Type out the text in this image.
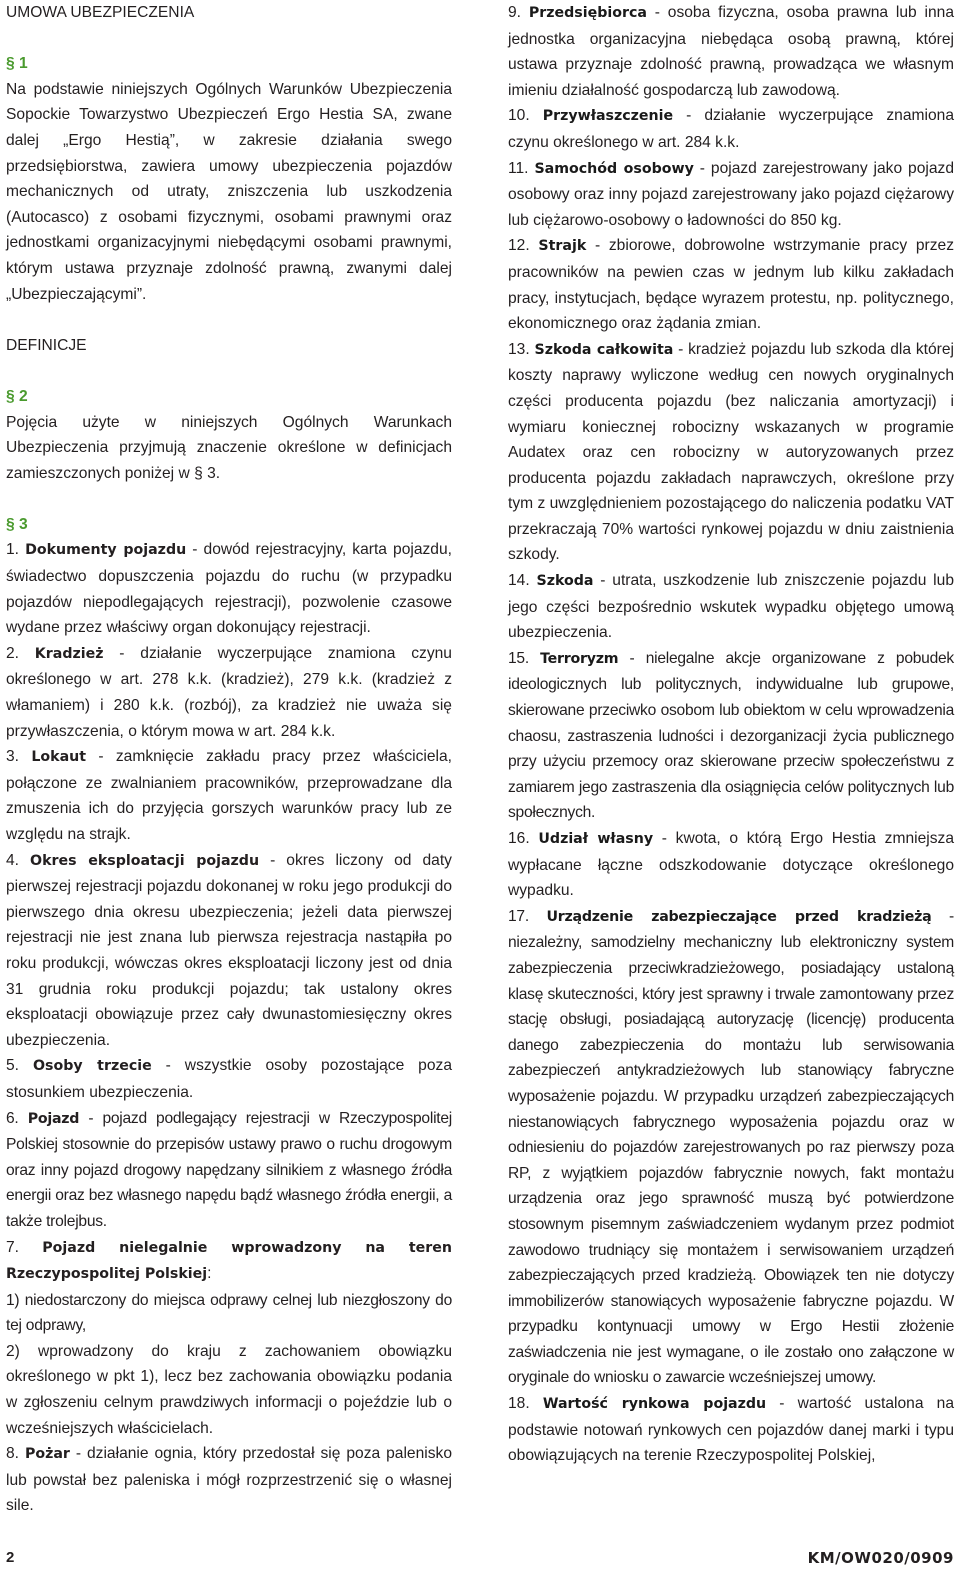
UMOWA UBEZPIECZENIA
§ 1

Na podstawie niniejszych Ogólnych Warunków Ubezpieczenia Sopockie Towarzystwo Ubezpieczeń Ergo Hestia SA, zwane dalej „Ergo Hestią”, w zakresie działania swego przedsiębiorstwa, zawiera umowy ubezpieczenia pojazdów mechanicznych od utraty, zniszczenia lub uszkodzenia (Autocasco) z osobami fizycznymi, osobami prawnymi oraz jednostkami organizacyjnymi niebędącymi osobami prawnymi, którym ustawa przyznaje zdolność prawną, zwanymi dalej „Ubezpieczającymi”.

DEFINICJE
§ 2

Pojęcia użyte w niniejszych Ogólnych Warunkach Ubezpieczenia przyjmują znaczenie określone w definicjach zamieszczonych poniżej w § 3.

§ 3

1. Dokumenty pojazdu - dowód rejestracyjny, karta pojazdu, świadectwo dopuszczenia pojazdu do ruchu (w przypadku pojazdów niepodlegających rejestracji), pozwolenie czasowe wydane przez właściwy organ dokonujący rejestracji.

2. Kradzież - działanie wyczerpujące znamiona czynu określonego w art. 278 k.k. (kradzież), 279 k.k. (kradzież z włamaniem) i 280 k.k. (rozbój), za kradzież nie uważa się przywłaszczenia, o którym mowa w art. 284 k.k.

3. Lokaut - zamknięcie zakładu pracy przez właściciela, połączone ze zwalnianiem pracowników, przeprowadzane dla zmuszenia ich do przyjęcia gorszych warunków pracy lub ze względu na strajk.

4. Okres eksploatacji pojazdu - okres liczony od daty pierwszej rejestracji pojazdu dokonanej w roku jego produkcji do pierwszego dnia okresu ubezpieczenia; jeżeli data pierwszej rejestracji nie jest znana lub pierwsza rejestracja nastąpiła po roku produkcji, wówczas okres eksploatacji liczony jest od dnia 31 grudnia roku produkcji pojazdu; tak ustalony okres eksploatacji obowiązuje przez cały dwunastomiesięczny okres ubezpieczenia.

5. Osoby trzecie - wszystkie osoby pozostające poza stosunkiem ubezpieczenia.

6. Pojazd - pojazd podlegający rejestracji w Rzeczypospolitej Polskiej stosownie do przepisów ustawy prawo o ruchu drogowym oraz inny pojazd drogowy napędzany silnikiem z własnego źródła energii oraz bez własnego napędu bądź własnego źródła energii, a także trolejbus.

7. Pojazd nielegalnie wprowadzony na teren Rzeczypospolitej Polskiej:

1) niedostarczony do miejsca odprawy celnej lub niezgłoszony do tej odprawy,

2) wprowadzony do kraju z zachowaniem obowiązku określonego w pkt 1), lecz bez zachowania obowiązku podania w zgłoszeniu celnym prawdziwych informacji o pojeździe lub o wcześniejszych właścicielach.

8. Pożar - działanie ognia, który przedostał się poza palenisko lub powstał bez paleniska i mógł rozprzestrzenić się o własnej sile.

9. Przedsiębiorca - osoba fizyczna, osoba prawna lub inna jednostka organizacyjna niebędąca osobą prawną, której ustawa przyznaje zdolność prawną, prowadząca we własnym imieniu działalność gospodarczą lub zawodową.

10. Przywłaszczenie - działanie wyczerpujące znamiona czynu określonego w art. 284 k.k.

11. Samochód osobowy - pojazd zarejestrowany jako pojazd osobowy oraz inny pojazd zarejestrowany jako pojazd ciężarowy lub ciężarowo-osobowy o ładowności do 850 kg.

12. Strajk - zbiorowe, dobrowolne wstrzymanie pracy przez pracowników na pewien czas w jednym lub kilku zakładach pracy, instytucjach, będące wyrazem protestu, np. politycznego, ekonomicznego oraz żądania zmian.

13. Szkoda całkowita - kradzież pojazdu lub szkoda dla której koszty naprawy wyliczone według cen nowych oryginalnych części producenta pojazdu (bez naliczania amortyzacji) i wymiaru koniecznej robocizny wskazanych w programie Audatex oraz cen robocizny w autoryzowanych przez producenta pojazdu zakładach naprawczych, określone przy tym z uwzględnieniem pozostającego do naliczenia podatku VAT przekraczają 70% wartości rynkowej pojazdu w dniu zaistnienia szkody.

14. Szkoda - utrata, uszkodzenie lub zniszczenie pojazdu lub jego części bezpośrednio wskutek wypadku objętego umową ubezpieczenia.

15. Terroryzm - nielegalne akcje organizowane z pobudek ideologicznych lub politycznych, indywidualne lub grupowe, skierowane przeciwko osobom lub obiektom w celu wprowadzenia chaosu, zastraszenia ludności i dezorganizacji życia publicznego przy użyciu przemocy oraz skierowane przeciw społeczeństwu z zamiarem jego zastraszenia dla osiągnięcia celów politycznych lub społecznych.

16. Udział własny - kwota, o którą Ergo Hestia zmniejsza wypłacane łączne odszkodowanie dotyczące określonego wypadku.

17. Urządzenie zabezpieczające przed kradzieżą - niezależny, samodzielny mechaniczny lub elektroniczny system zabezpieczenia przeciwkradzieżowego, posiadający ustaloną klasę skuteczności, który jest sprawny i trwale zamontowany przez stację obsługi, posiadającą autoryzację (licencję) producenta danego zabezpieczenia do montażu lub serwisowania zabezpieczeń antykradzieżowych lub stanowiący fabryczne wyposażenie pojazdu. W przypadku urządzeń zabezpieczających niestanowiących fabrycznego wyposażenia pojazdu oraz w odniesieniu do pojazdów zarejestrowanych po raz pierwszy poza RP, z wyjątkiem pojazdów fabrycznie nowych, fakt montażu urządzenia oraz jego sprawność muszą być potwierdzone stosownym pisemnym zaświadczeniem wydanym przez podmiot zawodowo trudniący się montażem i serwisowaniem urządzeń zabezpieczających przed kradzieżą. Obowiązek ten nie dotyczy immobilizerów stanowiących wyposażenie fabryczne pojazdu. W przypadku kontynuacji umowy w Ergo Hestii złożenie zaświadczenia nie jest wymagane, o ile zostało ono załączone w oryginale do wniosku o zawarcie wcześniejszej umowy.

18. Wartość rynkowa pojazdu - wartość ustalona na podstawie notowań rynkowych cen pojazdów danej marki i typu obowiązujących na terenie Rzeczypospolitej Polskiej,

2	KM/OW020/0909
